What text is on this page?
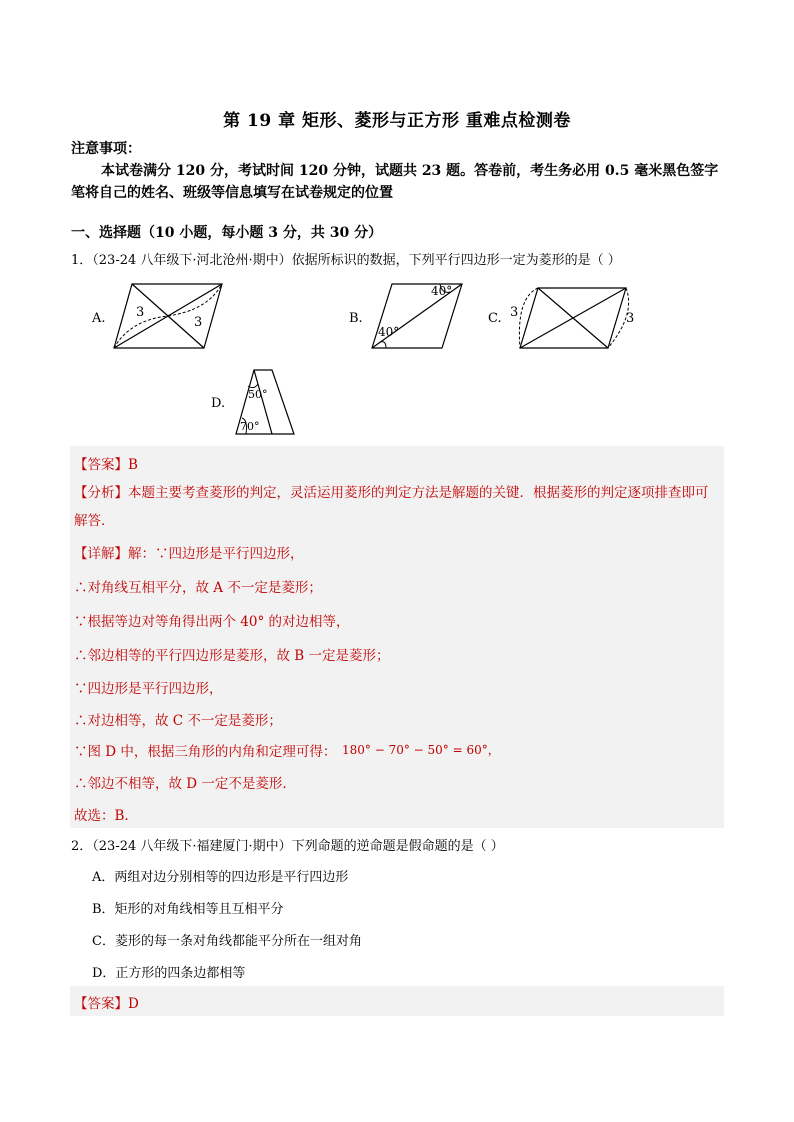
第 19 章 矩形、菱形与正方形 重难点检测卷
注意事项：
本试卷满分 120 分，考试时间 120 分钟，试题共 23 题。答卷前，考生务必用 0.5 毫米黑色签字笔将自己的姓名、班级等信息填写在试卷规定的位置
一、选择题（10 小题，每小题 3 分，共 30 分）
1．（23-24 八年级下·河北沧州·期中）依据所标识的数据，下列平行四边形一定为菱形的是（ ）
A. 3
3	B.
40°
40°
C. 3	3
D.
50°
70°
【答案】B
【分析】本题主要考查菱形的判定，灵活运用菱形的判定方法是解题的关键．根据菱形的判定逐项排查即可解答．
【详解】解：∵四边形是平行四边形，
∴对角线互相平分，故 A 不一定是菱形；
∵根据等边对等角得出两个 40° 的对边相等，
∴邻边相等的平行四边形是菱形，故 B 一定是菱形；
∵四边形是平行四边形，
∴对边相等，故 C 不一定是菱形；
∵图 D 中，根据三角形的内角和定理可得： 180° − 70° − 50° = 60°，
∴邻边不相等，故 D 一定不是菱形.
故选：B.
2．（23-24 八年级下·福建厦门·期中）下列命题的逆命题是假命题的是（ ）
A．两组对边分别相等的四边形是平行四边形
B．矩形的对角线相等且互相平分
C．菱形的每一条对角线都能平分所在一组对角
D．正方形的四条边都相等
【答案】D
